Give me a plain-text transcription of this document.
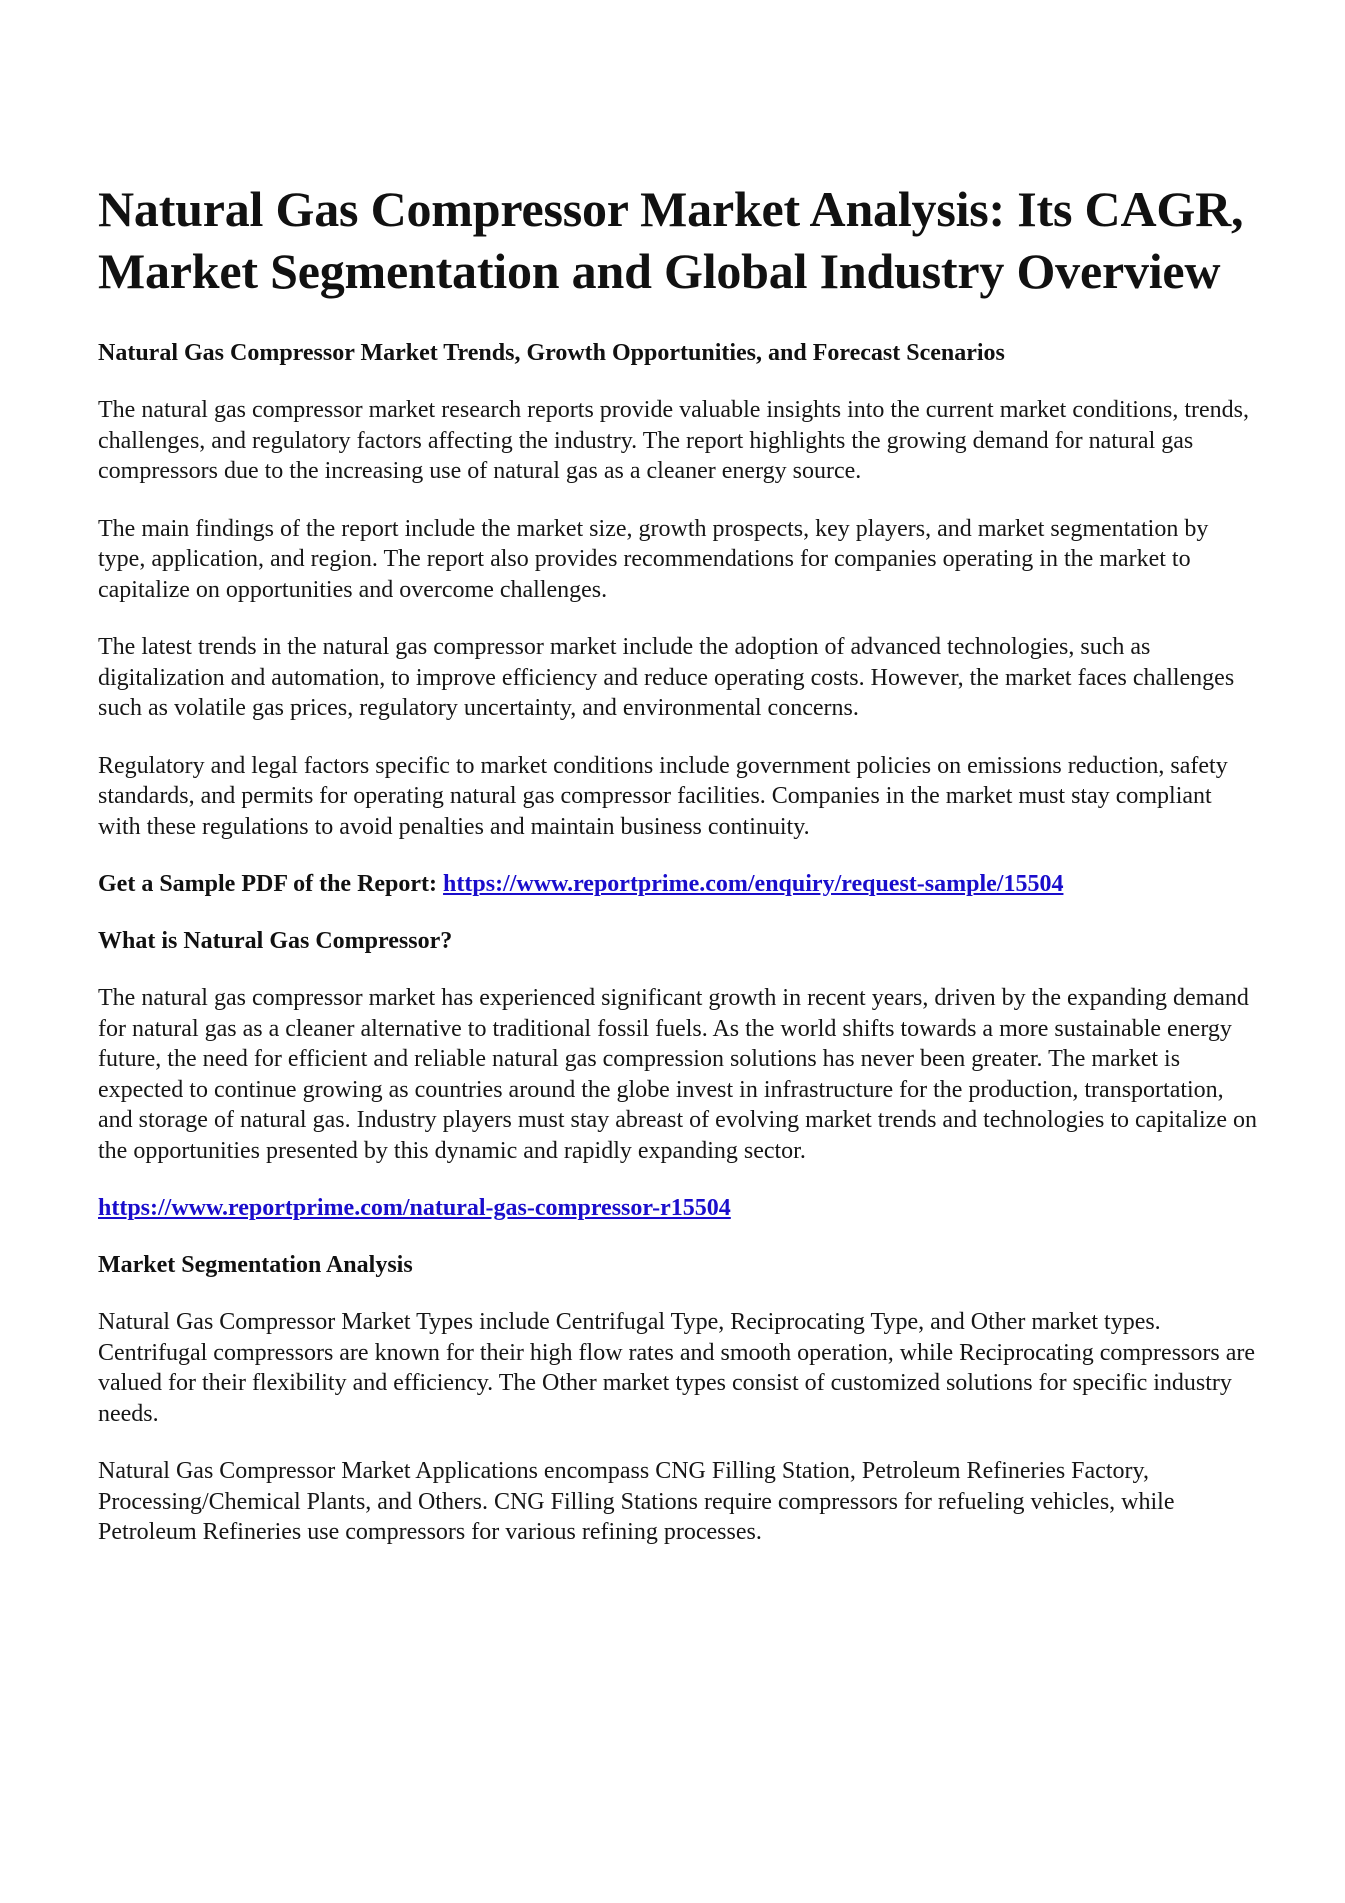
Natural Gas Compressor Market Analysis: Its CAGR, Market Segmentation and Global Industry Overview
Natural Gas Compressor Market Trends, Growth Opportunities, and Forecast Scenarios

The natural gas compressor market research reports provide valuable insights into the current market conditions, trends, challenges, and regulatory factors affecting the industry. The report highlights the growing demand for natural gas compressors due to the increasing use of natural gas as a cleaner energy source.

The main findings of the report include the market size, growth prospects, key players, and market segmentation by type, application, and region. The report also provides recommendations for companies operating in the market to capitalize on opportunities and overcome challenges.

The latest trends in the natural gas compressor market include the adoption of advanced technologies, such as digitalization and automation, to improve efficiency and reduce operating costs. However, the market faces challenges such as volatile gas prices, regulatory uncertainty, and environmental concerns.

Regulatory and legal factors specific to market conditions include government policies on emissions reduction, safety standards, and permits for operating natural gas compressor facilities. Companies in the market must stay compliant with these regulations to avoid penalties and maintain business continuity.

Get a Sample PDF of the Report: https://www.reportprime.com/enquiry/request-sample/15504

What is Natural Gas Compressor?

The natural gas compressor market has experienced significant growth in recent years, driven by the expanding demand for natural gas as a cleaner alternative to traditional fossil fuels. As the world shifts towards a more sustainable energy future, the need for efficient and reliable natural gas compression solutions has never been greater. The market is expected to continue growing as countries around the globe invest in infrastructure for the production, transportation, and storage of natural gas. Industry players must stay abreast of evolving market trends and technologies to capitalize on the opportunities presented by this dynamic and rapidly expanding sector.

https://www.reportprime.com/natural-gas-compressor-r15504

Market Segmentation Analysis

Natural Gas Compressor Market Types include Centrifugal Type, Reciprocating Type, and Other market types. Centrifugal compressors are known for their high flow rates and smooth operation, while Reciprocating compressors are valued for their flexibility and efficiency. The Other market types consist of customized solutions for specific industry needs.

Natural Gas Compressor Market Applications encompass CNG Filling Station, Petroleum Refineries Factory, Processing/Chemical Plants, and Others. CNG Filling Stations require compressors for refueling vehicles, while Petroleum Refineries use compressors for various refining processes.
